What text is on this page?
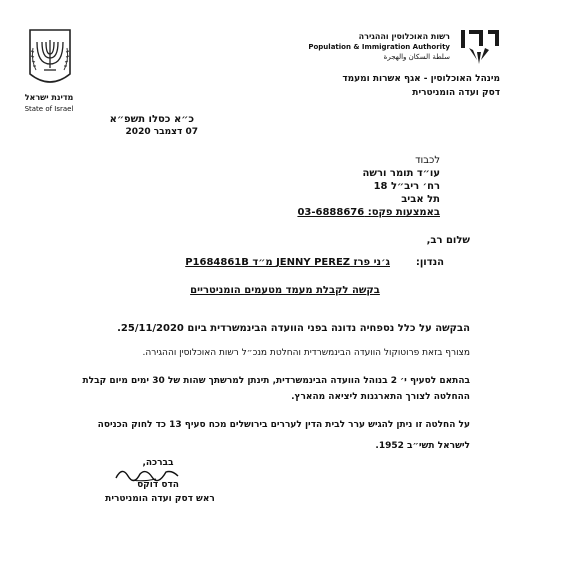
מדינת ישראל
State of Israel
רשות האוכלוסין וההגירה
Population & Immigration Authority
سلطة السكان والهجرة
מינהל האוכלוסין - אגף אשרות ומעמד
דסק ועדה הומניטרית
כ״א כסלו תשפ״א
07 דצמבר 2020
לכבוד
עו״ד תומר ורשה
רח׳ ריב״ל 18
תל אביב
באמצעות פקס: 03-6888676
שלום רב,
הנדון:
ג׳ני פרז JENNY PEREZ מ״ד P1684861B
בקשה לקבלת מעמד מטעמים הומניטריים
הבקשה על כלל נספחיה נדונה בפני הוועדה הבינמשרדית ביום 25/11/2020.
מצורף בזאת פרוטוקול הוועדה הבינמשרדית והחלטת מנכ״ל רשות האוכלוסין וההגירה.
בהתאם לסעיף י׳ 2 בנוהל הוועדה הבינמשרדית, תינתן למרשתך שהות של 30 ימים מיום קבלת
ההחלטה לצורך התארגנות ליציאה מהארץ.
על החלטה זו ניתן להגיש ערר לבית הדין לעררים בירושלים מכח סעיף 13 כד לחוק הכניסה
לישראל תשי״ב 1952.
בברכה,
הדס דוקס
ראש דסק ועדה הומניטרית
